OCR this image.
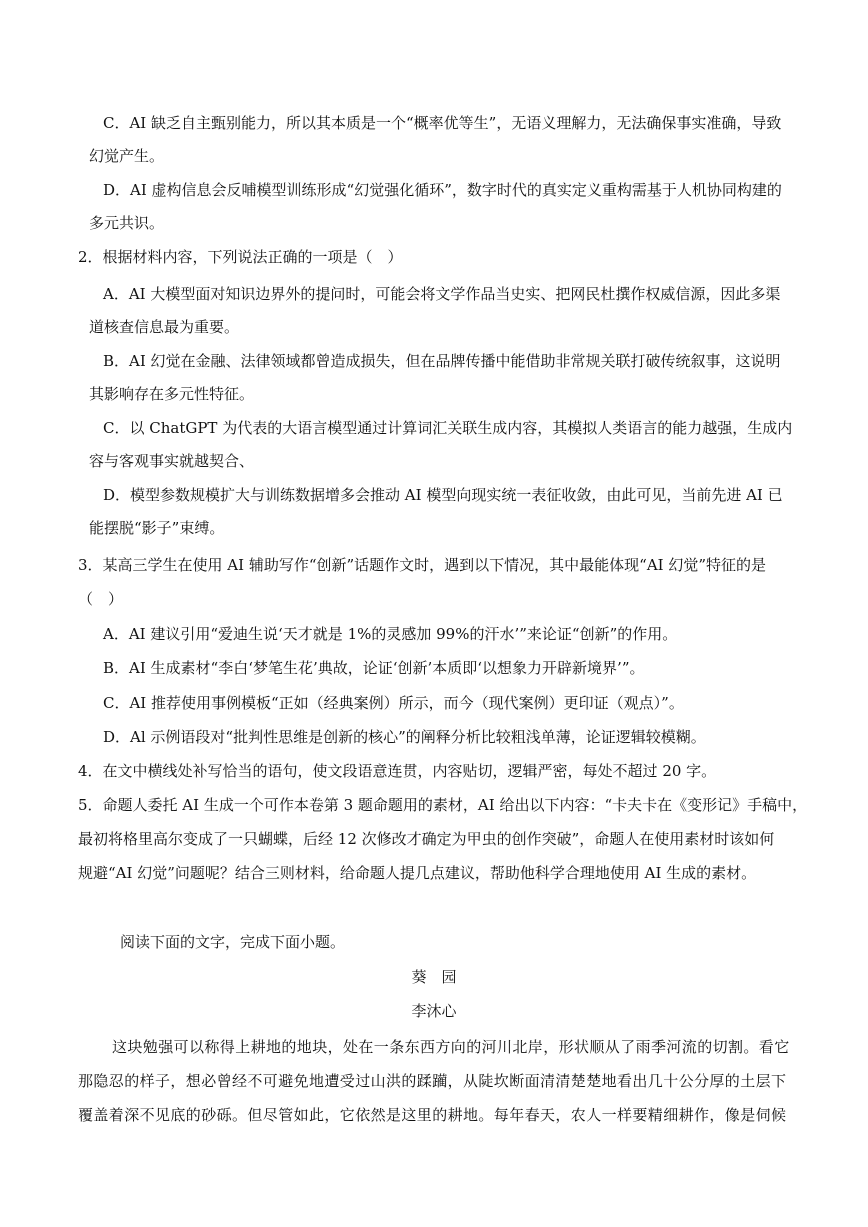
C．AI 缺乏自主甄别能力，所以其本质是一个“概率优等生”，无语义理解力，无法确保事实准确，导致
幻觉产生。
D．AI 虚构信息会反哺模型训练形成“幻觉强化循环”，数字时代的真实定义重构需基于人机协同构建的
多元共识。
2．根据材料内容，下列说法正确的一项是（　）
A．AI 大模型面对知识边界外的提问时，可能会将文学作品当史实、把网民杜撰作权威信源，因此多渠
道核查信息最为重要。
B．AI 幻觉在金融、法律领域都曾造成损失，但在品牌传播中能借助非常规关联打破传统叙事，这说明
其影响存在多元性特征。
C．以 ChatGPT 为代表的大语言模型通过计算词汇关联生成内容，其模拟人类语言的能力越强，生成内
容与客观事实就越契合、
D．模型参数规模扩大与训练数据增多会推动 AI 模型向现实统一表征收敛，由此可见，当前先进 AI 已
能摆脱“影子”束缚。
3．某高三学生在使用 AI 辅助写作“创新”话题作文时，遇到以下情况，其中最能体现“AI 幻觉”特征的是
（　）
A．AI 建议引用“爱迪生说‘天才就是 1%的灵感加 99%的汗水’”来论证“创新”的作用。
B．AI 生成素材“李白‘梦笔生花’典故，论证‘创新’本质即‘以想象力开辟新境界’”。
C．AI 推荐使用事例模板“正如（经典案例）所示，而今（现代案例）更印证（观点）”。
D．Al 示例语段对“批判性思维是创新的核心”的阐释分析比较粗浅单薄，论证逻辑较模糊。
4．在文中横线处补写恰当的语句，使文段语意连贯，内容贴切，逻辑严密，每处不超过 20 字。
5．命题人委托 AI 生成一个可作本卷第 3 题命题用的素材，AI 给出以下内容：“卡夫卡在《变形记》手稿中，
最初将格里高尔变成了一只蝴蝶，后经 12 次修改才确定为甲虫的创作突破”，命题人在使用素材时该如何
规避“AI 幻觉”问题呢？结合三则材料，给命题人提几点建议，帮助他科学合理地使用 AI 生成的素材。
阅读下面的文字，完成下面小题。
葵　园
李沐心
这块勉强可以称得上耕地的地块，处在一条东西方向的河川北岸，形状顺从了雨季河流的切割。看它
那隐忍的样子，想必曾经不可避免地遭受过山洪的蹂躏，从陡坎断面清清楚楚地看出几十公分厚的土层下
覆盖着深不见底的砂砾。但尽管如此，它依然是这里的耕地。每年春天，农人一样要精细耕作，像是伺候
